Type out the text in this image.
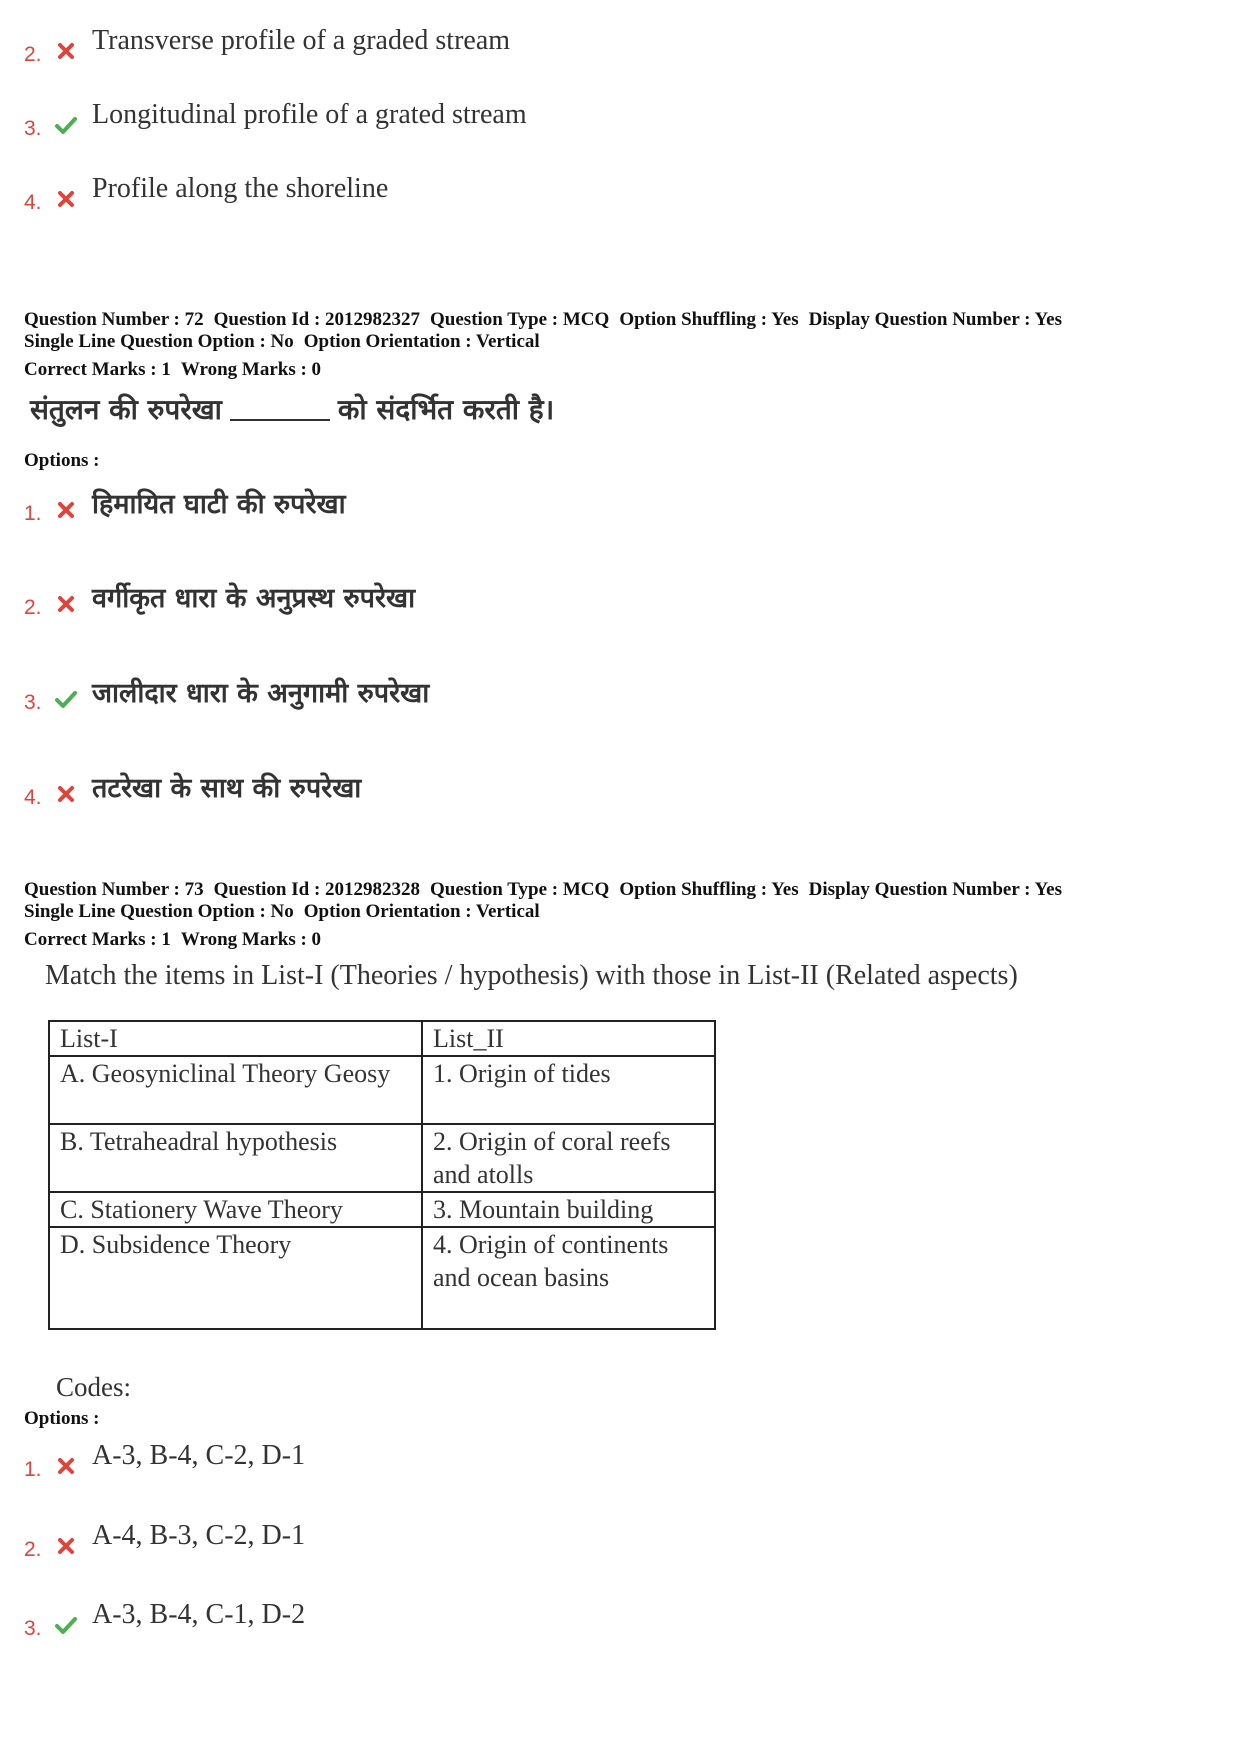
2. Transverse profile of a graded stream
3. Longitudinal profile of a grated stream
4. Profile along the shoreline
Question Number : 72 Question Id : 2012982327 Question Type : MCQ Option Shuffling : Yes Display Question Number : Yes
Single Line Question Option : No Option Orientation : Vertical
Correct Marks : 1 Wrong Marks : 0
संतुलन की रुपरेखा	को संदर्भित करती है।
Options :
1. हिमायित घाटी की रुपरेखा
2. वर्गीकृत धारा के अनुप्रस्थ रुपरेखा
3. जालीदार धारा के अनुगामी रुपरेखा
4. तटरेखा के साथ की रुपरेखा
Question Number : 73 Question Id : 2012982328 Question Type : MCQ Option Shuffling : Yes Display Question Number : Yes
Single Line Question Option : No Option Orientation : Vertical
Correct Marks : 1 Wrong Marks : 0
Match the items in List-I (Theories / hypothesis) with those in List-II (Related aspects)
List-I	List_II
A. Geosyniclinal Theory Geosy	1. Origin of tides
B. Tetraheadral hypothesis	2. Origin of coral reefs and atolls
C. Stationery Wave Theory	3. Mountain building
D. Subsidence Theory	4. Origin of continents and ocean basins
Codes:
Options :
1. A-3, B-4, C-2, D-1
2. A-4, B-3, C-2, D-1
3. A-3, B-4, C-1, D-2
